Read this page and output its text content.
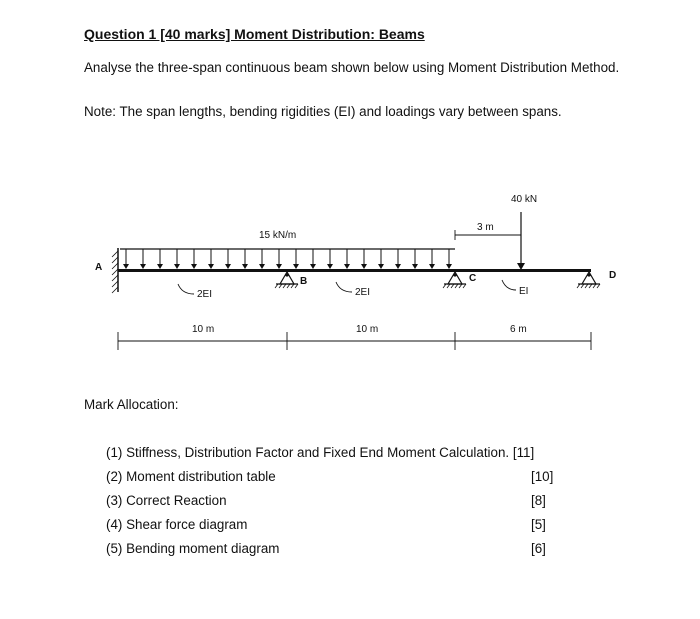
Question 1 [40 marks] Moment Distribution: Beams
Analyse the three-span continuous beam shown below using Moment Distribution Method.
Note: The span lengths, bending rigidities (EI) and loadings vary between spans.
A
15 kN/m
B	C	D
40 kN
3 m
2EI	2EI	EI
10 m	10 m	6 m
Mark Allocation:
(1) Stiffness, Distribution Factor and Fixed End Moment Calculation. [11]
(2) Moment distribution table	[10]
(3) Correct Reaction	[8]
(4) Shear force diagram	[5]
(5) Bending moment diagram	[6]
